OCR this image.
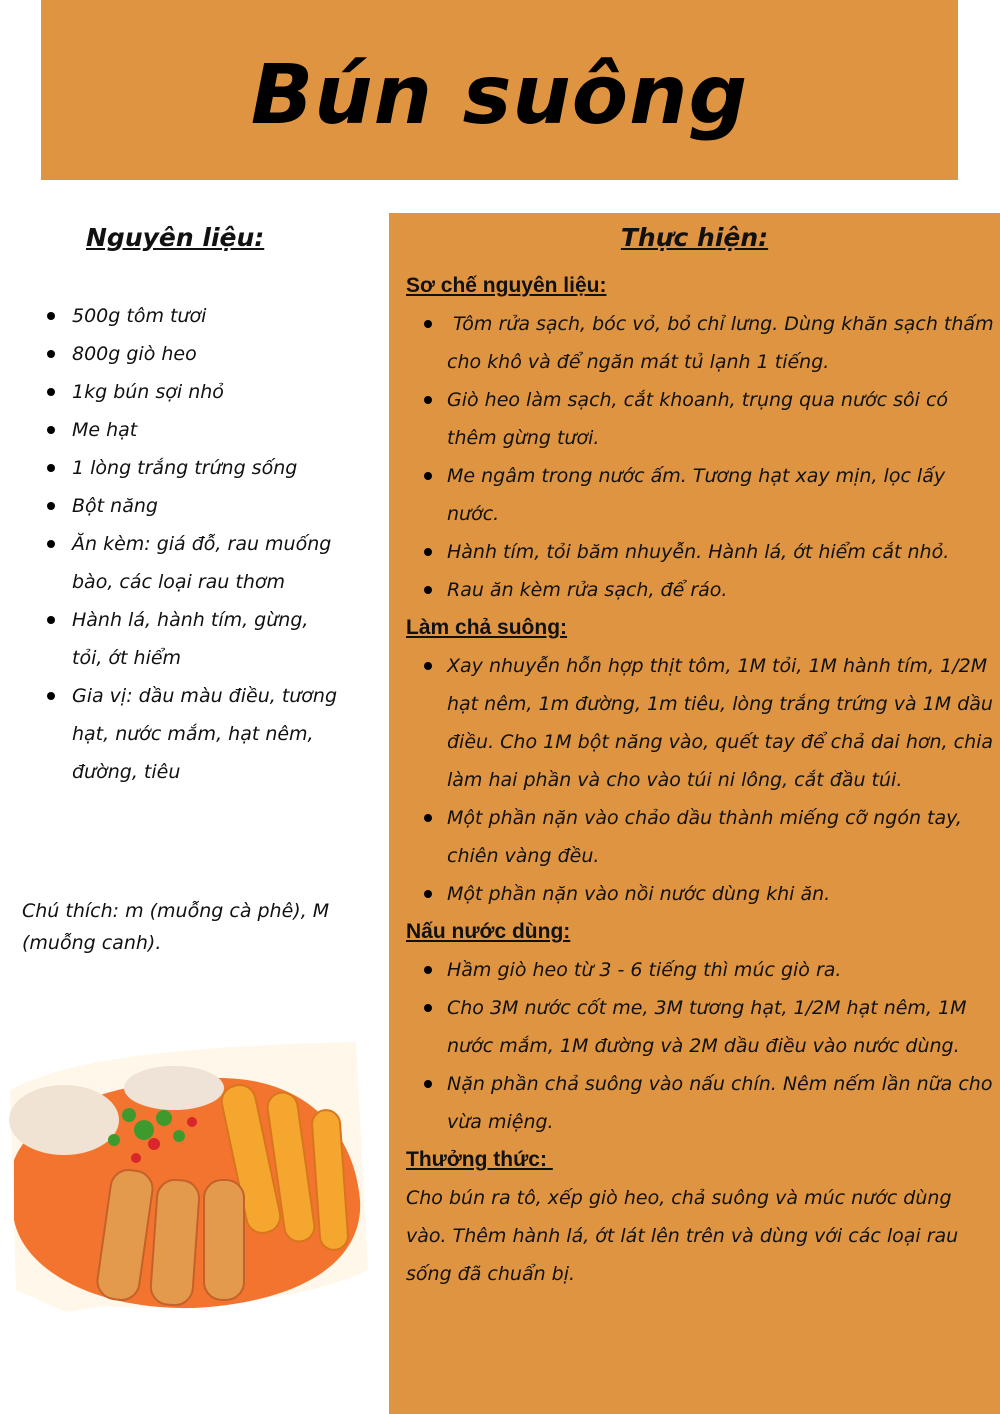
Bún suông
Nguyên liệu:
500g tôm tươi
800g giò heo
1kg bún sợi nhỏ
Me hạt
1 lòng trắng trứng sống
Bột năng
Ăn kèm: giá đỗ, rau muống bào, các loại rau thơm
Hành lá, hành tím, gừng, tỏi, ớt hiểm
Gia vị: dầu màu điều, tương hạt, nước mắm, hạt nêm, đường, tiêu

Chú thích: m (muỗng cà phê), M (muỗng canh).

Thực hiện:

Sơ chế nguyên liệu:

Tôm rửa sạch, bóc vỏ, bỏ chỉ lưng. Dùng khăn sạch thấm cho khô và để ngăn mát tủ lạnh 1 tiếng.
Giò heo làm sạch, cắt khoanh, trụng qua nước sôi có thêm gừng tươi.
Me ngâm trong nước ấm. Tương hạt xay mịn, lọc lấy nước.
Hành tím, tỏi băm nhuyễn. Hành lá, ớt hiểm cắt nhỏ.
Rau ăn kèm rửa sạch, để ráo.

Làm chả suông:

Xay nhuyễn hỗn hợp thịt tôm, 1M tỏi, 1M hành tím, 1/2M hạt nêm, 1m đường, 1m tiêu, lòng trắng trứng và 1M dầu điều. Cho 1M bột năng vào, quết tay để chả dai hơn, chia làm hai phần và cho vào túi ni lông, cắt đầu túi.
Một phần nặn vào chảo dầu thành miếng cỡ ngón tay, chiên vàng đều.
Một phần nặn vào nồi nước dùng khi ăn.

Nấu nước dùng:

Hầm giò heo từ 3 - 6 tiếng thì múc giò ra.
Cho 3M nước cốt me, 3M tương hạt, 1/2M hạt nêm, 1M nước mắm, 1M đường và 2M dầu điều vào nước dùng.
Nặn phần chả suông vào nấu chín. Nêm nếm lần nữa cho vừa miệng.

Thưởng thức:

Cho bún ra tô, xếp giò heo, chả suông và múc nước dùng vào. Thêm hành lá, ớt lát lên trên và dùng với các loại rau sống đã chuẩn bị.
